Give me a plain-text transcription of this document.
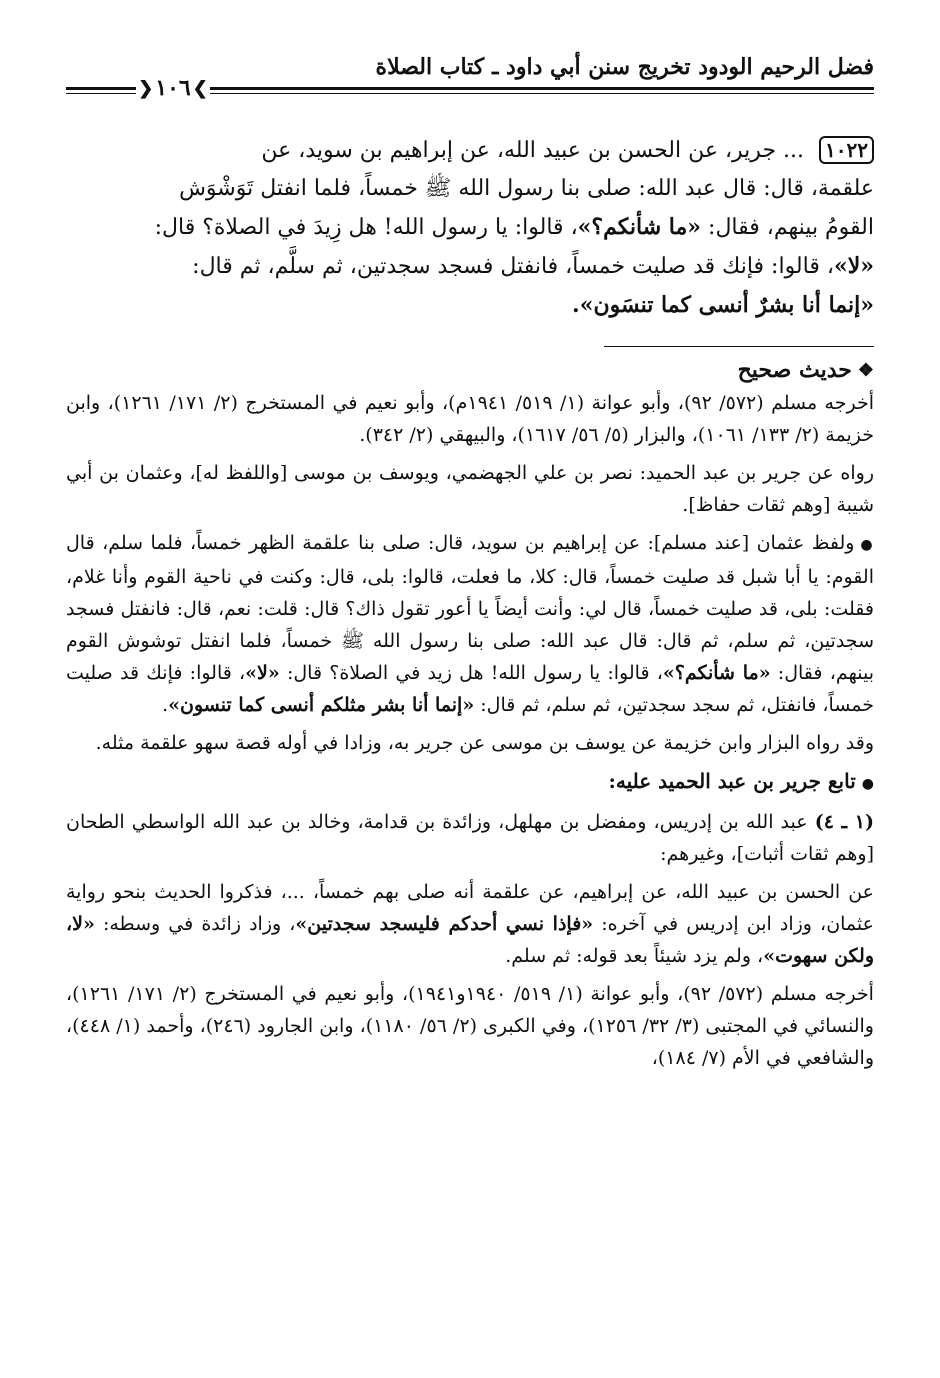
فضل الرحيم الودود تخريج سنن أبي داود ـ كتاب الصلاة
❯
١٠٦
❮
١٠٢٢ ... جرير، عن الحسن بن عبيد الله، عن إبراهيم بن سويد، عن
علقمة، قال: قال عبد الله: صلى بنا رسول الله ﷺ خمساً، فلما انفتل تَوَشْوَش
القومُ بينهم، فقال: «ما شأنكم؟»، قالوا: يا رسول الله! هل زِيدَ في الصلاة؟ قال:
«لا»، قالوا: فإنك قد صليت خمساً، فانفتل فسجد سجدتين، ثم سلَّم، ثم قال:
«إنما أنا بشرٌ أنسى كما تنسَون».
❖
حديث صحيح

أخرجه مسلم (٥٧٢/ ٩٢)، وأبو عوانة (١/ ٥١٩/ ١٩٤١م)، وأبو نعيم في المستخرج (٢/ ١٧١/ ١٢٦١)، وابن خزيمة (٢/ ١٣٣/ ١٠٦١)، والبزار (٥/ ٥٦/ ١٦١٧)، والبيهقي (٢/ ٣٤٢).

رواه عن جرير بن عبد الحميد: نصر بن علي الجهضمي، ويوسف بن موسى [واللفظ له]، وعثمان بن أبي شيبة [وهم ثقات حفاظ].

●ولفظ عثمان [عند مسلم]: عن إبراهيم بن سويد، قال: صلى بنا علقمة الظهر خمساً، فلما سلم، قال القوم: يا أبا شبل قد صليت خمساً، قال: كلا، ما فعلت، قالوا: بلى، قال: وكنت في ناحية القوم وأنا غلام، فقلت: بلى، قد صليت خمساً، قال لي: وأنت أيضاً يا أعور تقول ذاك؟ قال: قلت: نعم، قال: فانفتل فسجد سجدتين، ثم سلم، ثم قال: قال عبد الله: صلى بنا رسول الله ﷺ خمساً، فلما انفتل توشوش القوم بينهم، فقال: «ما شأنكم؟»، قالوا: يا رسول الله! هل زيد في الصلاة؟ قال: «لا»، قالوا: فإنك قد صليت خمساً، فانفتل، ثم سجد سجدتين، ثم سلم، ثم قال: «إنما أنا بشر مثلكم أنسى كما تنسون».

وقد رواه البزار وابن خزيمة عن يوسف بن موسى عن جرير به، وزادا في أوله قصة سهو علقمة مثله.

●تابع جرير بن عبد الحميد عليه:

(١ ـ ٤) عبد الله بن إدريس، ومفضل بن مهلهل، وزائدة بن قدامة، وخالد بن عبد الله الواسطي الطحان [وهم ثقات أثبات]، وغيرهم:

عن الحسن بن عبيد الله، عن إبراهيم، عن علقمة أنه صلى بهم خمساً، ...، فذكروا الحديث بنحو رواية عثمان، وزاد ابن إدريس في آخره: «فإذا نسي أحدكم فليسجد سجدتين»، وزاد زائدة في وسطه: «لا، ولكن سهوت»، ولم يزد شيئاً بعد قوله: ثم سلم.

أخرجه مسلم (٥٧٢/ ٩٢)، وأبو عوانة (١/ ٥١٩/ ١٩٤٠و١٩٤١)، وأبو نعيم في المستخرج (٢/ ١٧١/ ١٢٦١)، والنسائي في المجتبى (٣/ ٣٢/ ١٢٥٦)، وفي الكبرى (٢/ ٥٦/ ١١٨٠)، وابن الجارود (٢٤٦)، وأحمد (١/ ٤٤٨)، والشافعي في الأم (٧/ ١٨٤)،
